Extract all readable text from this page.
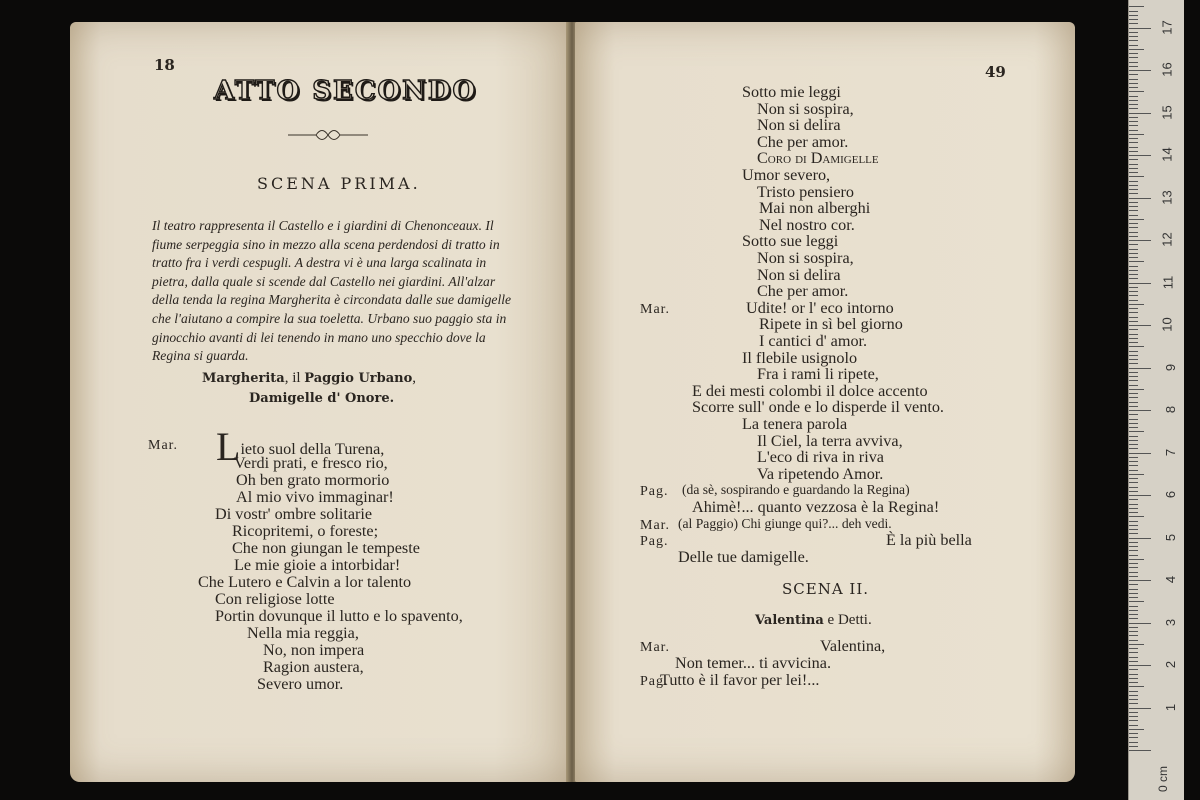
18
ATTO SECONDO
SCENA PRIMA.
Il teatro rappresenta il Castello e i giardini di Chenonceaux. Il fiume serpeggia sino in mezzo alla scena perdendosi di tratto in tratto fra i verdi cespugli. A destra vi è una larga scalinata in pietra, dalla quale si scende dal Castello nei giardini. All'alzar della tenda la regina Margherita è circondata dalle sue damigelle che l'aiutano a compire la sua toeletta. Urbano suo paggio sta in ginocchio avanti di lei tenendo in mano uno specchio dove la Regina si guarda.
Margherita, il Paggio Urbano,
Damigelle d' Onore.
Mar. Lieto suol della Turena,
Verdi prati, e fresco rio,
Oh ben grato mormorio
Al mio vivo immaginar!
Di vostr' ombre solitarie
Ricopritemi, o foreste;
Che non giungan le tempeste
Le mie gioie a intorbidar!
Che Lutero e Calvin a lor talento
Con religiose lotte
Portin dovunque il lutto e lo spavento,
Nella mia reggia,
No, non impera
Ragion austera,
Severo umor.
49
Sotto mie leggi
Non si sospira,
Non si delira
Che per amor.
Coro di Damigelle
Umor severo,
Tristo pensiero
Mai non alberghi
Nel nostro cor.
Sotto sue leggi
Non si sospira,
Non si delira
Che per amor.
Mar.	Udite! or l' eco intorno
Ripete in sì bel giorno
I cantici d' amor.
Il flebile usignolo
Fra i rami li ripete,
E dei mesti colombi il dolce accento
Scorre sull' onde e lo disperde il vento.
La tenera parola
Il Ciel, la terra avviva,
L'eco di riva in riva
Va ripetendo Amor.
Pag. (da sè, sospirando e guardando la Regina)
Ahimè!... quanto vezzosa è la Regina!
Mar. (al Paggio) Chi giunge qui?... deh vedi.
Pag.	È la più bella
Delle tue damigelle.
SCENA II.
Valentina e Detti.
Mar.	Valentina,
Non temer... ti avvicina.
Pag.
Tutto è il favor per lei!...
17
16
15
14
13
12
11
10
9
8
7
6
5
4
3
2
1
0 cm
